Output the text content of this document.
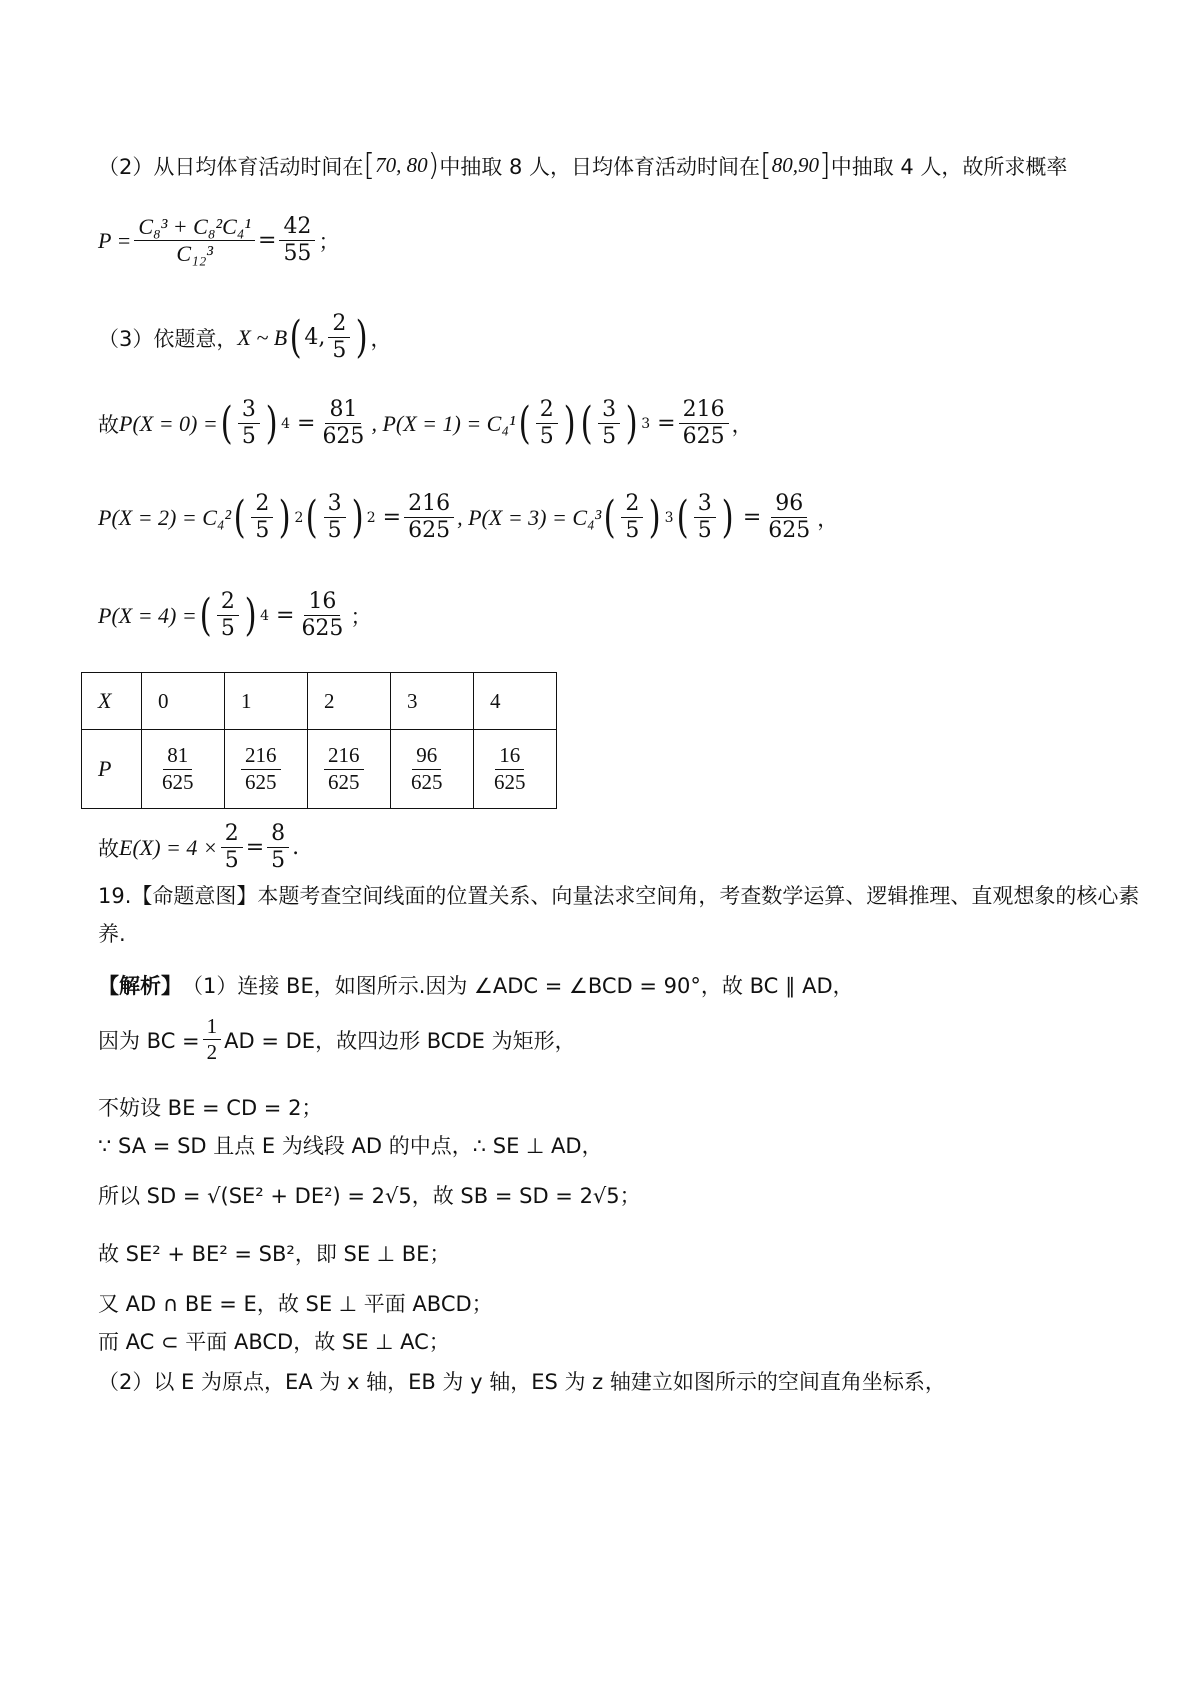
（2）从日均体育活动时间在 [ 70, 80 ) 中抽取 8 人，日均体育活动时间在 [ 80,90 ] 中抽取 4 人，故所求概率
$P = \frac{\text{C₈³ + C₈²C₄¹}}{\text{C₁₂³}} = \frac{42}{55}$ ；
（3）依题意， X ~ B ( 4, $\frac{2}{5}$ ) ，
故 P(X = 0) = ( $\frac{3}{5}$ ) $4 = \frac{81}{625}$ , P(X = 1) = C₄¹ ( $\frac{2}{5}$ ) ( $\frac{3}{5}$ ) $3 = \frac{216}{625}$ ，
P(X = 2) = C₄² ( $\frac{2}{5}$ ) 2 ( $\frac{3}{5}$ ) $2 = \frac{216}{625}$ , P(X = 3) = C₄³ ( $\frac{2}{5}$ ) 3 ( $\frac{3}{5}$ ) = $\frac{96}{625}$ ，
P(X = 4) = ( $\frac{2}{5}$ ) $4 = \frac{16}{625}$ ；
X	0	1	2	3	4
P	$\frac{81}{625}$	$\frac{216}{625}$	$\frac{216}{625}$	$\frac{96}{625}$	$\frac{16}{625}$
故 $E(X) = 4 \times \frac{2}{5} = \frac{8}{5}$ .
19.【命题意图】本题考查空间线面的位置关系、向量法求空间角，考查数学运算、逻辑推理、直观想象的核心素
养.
【解析】 （1）连接 BE，如图所示.因为 ∠ADC = ∠BCD = 90°，故 BC ∥ AD，
因为 BC = $\frac{1}{2}$ AD = DE，故四边形 BCDE 为矩形，
不妨设 BE = CD = 2；
∵ SA = SD 且点 E 为线段 AD 的中点，∴ SE ⊥ AD，
所以 SD = √(SE² + DE²) = 2√5，故 SB = SD = 2√5；
故 SE² + BE² = SB²，即 SE ⊥ BE；
又 AD ∩ BE = E，故 SE ⊥ 平面 ABCD；
而 AC ⊂ 平面 ABCD，故 SE ⊥ AC；
（2）以 E 为原点，EA 为 x 轴，EB 为 y 轴，ES 为 z 轴建立如图所示的空间直角坐标系，
